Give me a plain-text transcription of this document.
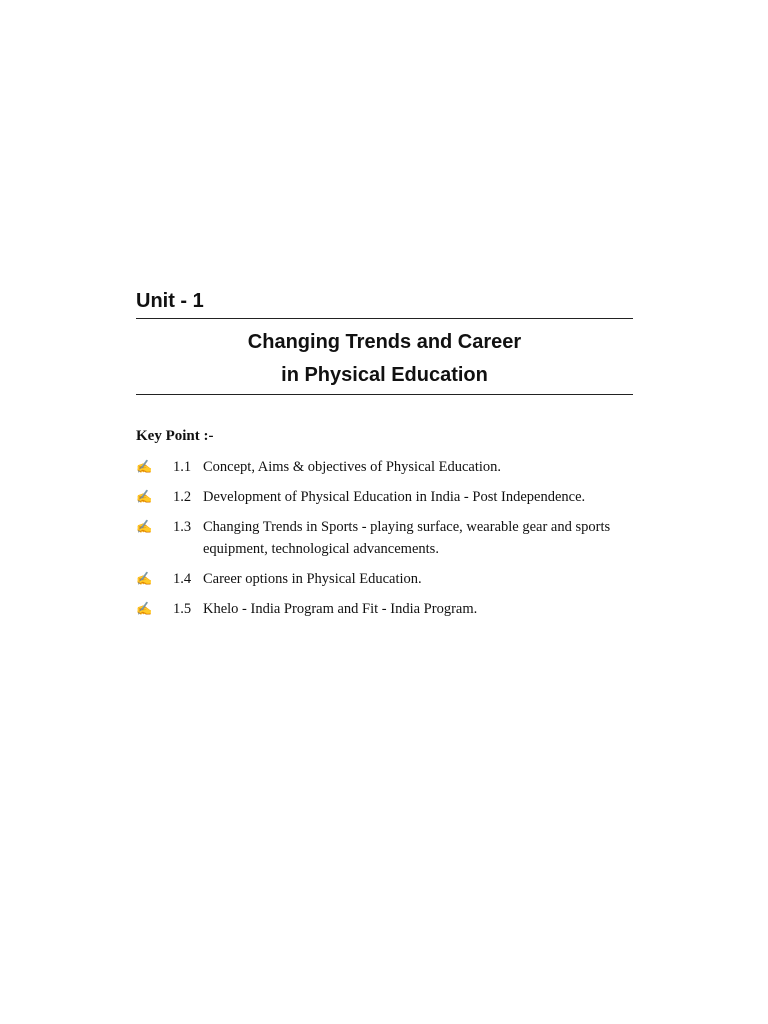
Unit - 1
Changing Trends and Career
in Physical Education

Key Point :-

✍	1.1 Concept, Aims & objectives of Physical Education.
✍	1.2 Development of Physical Education in India - Post Independence.
✍	1.3 Changing Trends in Sports - playing surface, wearable gear and sports equipment, technological advancements.
✍	1.4 Career options in Physical Education.
✍	1.5 Khelo - India Program and Fit - India Program.
